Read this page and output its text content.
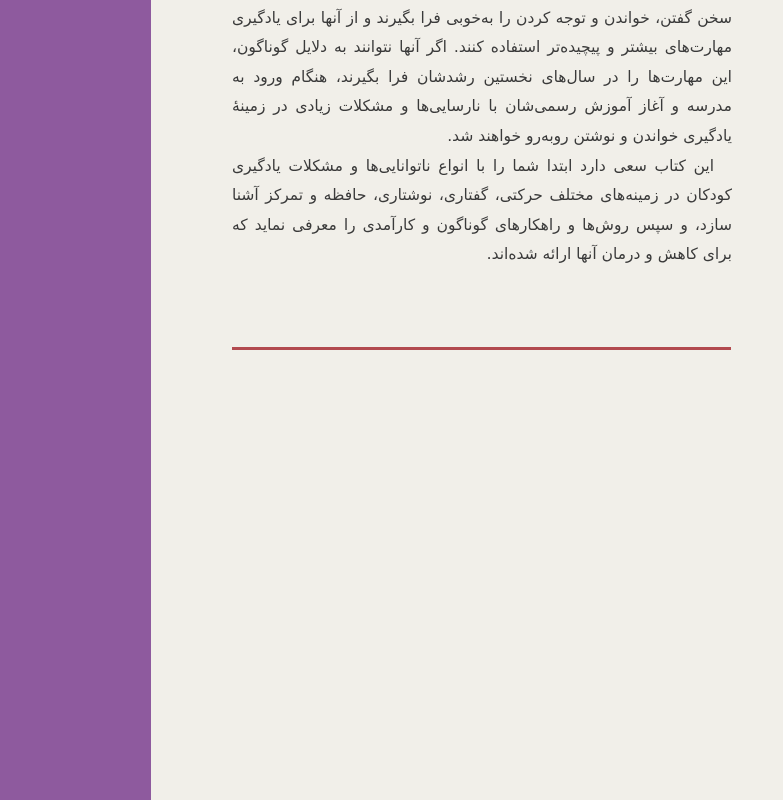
سخن گفتن، خواندن و توجه کردن را به‌خوبی فرا بگیرند و از آنها برای یادگیری مهارت‌های بیشتر و پیچیده‌تر استفاده کنند. اگر آنها نتوانند به دلایل گوناگون، این مهارت‌ها را در سال‌های نخستین رشدشان فرا بگیرند، هنگام ورود به مدرسه و آغاز آموزش رسمی‌شان با نارسایی‌ها و مشکلات زیادی در زمینهٔ یادگیری خواندن و نوشتن روبه‌رو خواهند شد.

این کتاب سعی دارد ابتدا شما را با انواع ناتوانایی‌ها و مشکلات یادگیری کودکان در زمینه‌های مختلف حرکتی، گفتاری، نوشتاری، حافظه و تمرکز آشنا سازد، و سپس روش‌ها و راهکارهای گوناگون و کارآمدی را معرفی نماید که برای کاهش و درمان آنها ارائه شده‌اند.
